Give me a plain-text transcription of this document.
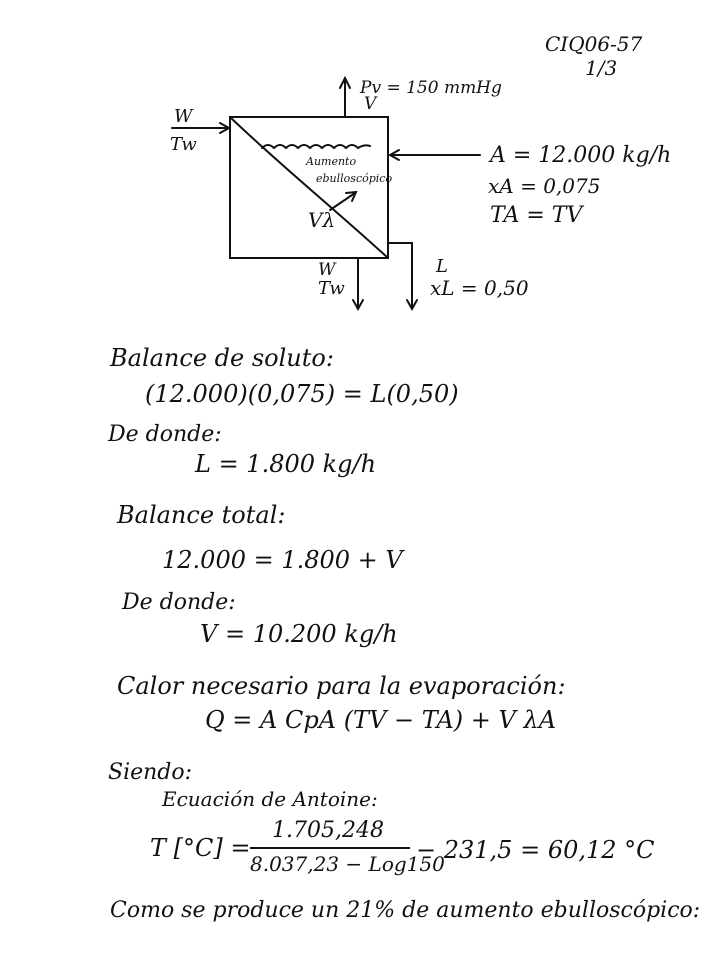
CIQ06-57
1/3
Pv = 150 mmHg
V
W
Tw
Aumento
ebulloscópico
Vλ
A = 12.000 kg/h
xA = 0,075
TA = TV
W
Tw
L
xL = 0,50
Balance de soluto:
(12.000)(0,075) = L(0,50)
De donde:
L = 1.800 kg/h
Balance total:
12.000 = 1.800 + V
De donde:
V = 10.200 kg/h
Calor necesario para la evaporación:
Q = A CpA (TV − TA) + V λA
Siendo:
Ecuación de Antoine:
T [°C] =
1.705,248
8.037,23 − Log150
− 231,5 = 60,12 °C
Como se produce un 21% de aumento ebulloscópico:
